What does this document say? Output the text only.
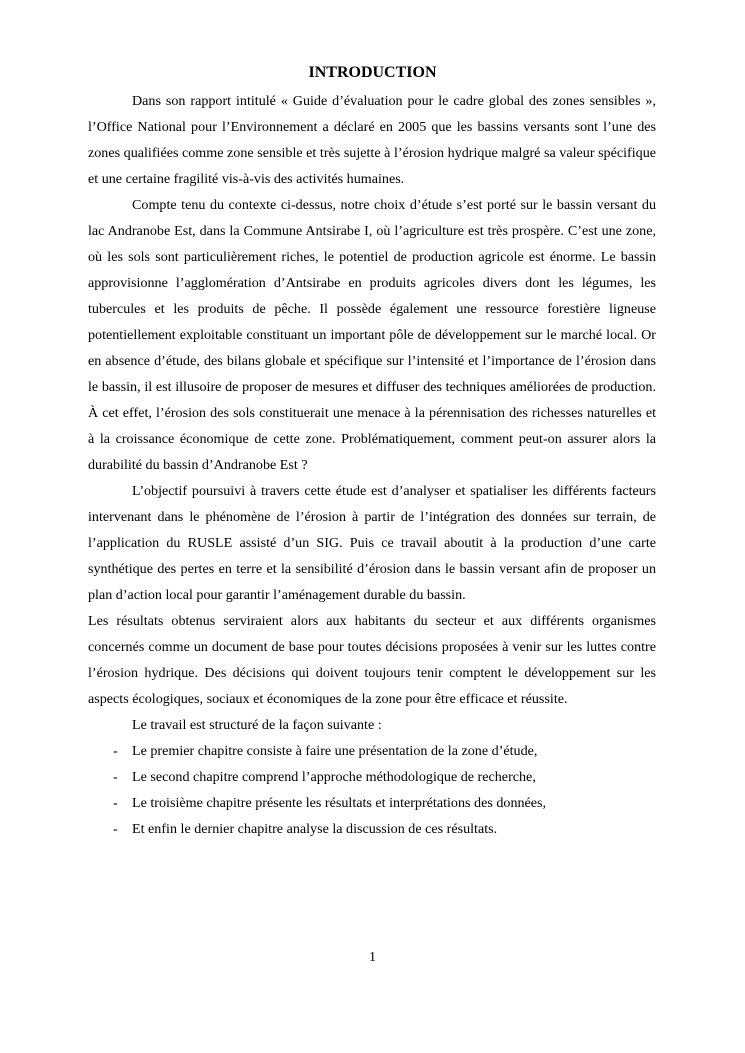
INTRODUCTION

Dans son rapport intitulé « Guide d’évaluation pour le cadre global des zones sensibles », l’Office National pour l’Environnement a déclaré en 2005 que les bassins versants sont l’une des zones qualifiées comme zone sensible et très sujette à l’érosion hydrique malgré sa valeur spécifique et une certaine fragilité vis-à-vis des activités humaines.

Compte tenu du contexte ci-dessus, notre choix d’étude s’est porté sur le bassin versant du lac Andranobe Est, dans la Commune Antsirabe I, où l’agriculture est très prospère. C’est une zone, où les sols sont particulièrement riches, le potentiel de production agricole est énorme. Le bassin approvisionne l’agglomération d’Antsirabe en produits agricoles divers dont les légumes, les tubercules et les produits de pêche. Il possède également une ressource forestière ligneuse potentiellement exploitable constituant un important pôle de développement sur le marché local. Or en absence d’étude, des bilans globale et spécifique sur l’intensité et l’importance de l’érosion dans le bassin, il est illusoire de proposer de mesures et diffuser des techniques améliorées de production. À cet effet, l’érosion des sols constituerait une menace à la pérennisation des richesses naturelles et à la croissance économique de cette zone. Problématiquement, comment peut-on assurer alors la durabilité du bassin d’Andranobe Est ?

L’objectif poursuivi à travers cette étude est d’analyser et spatialiser les différents facteurs intervenant dans le phénomène de l’érosion à partir de l’intégration des données sur terrain, de l’application du RUSLE assisté d’un SIG. Puis ce travail aboutit à la production d’une carte synthétique des pertes en terre et la sensibilité d’érosion dans le bassin versant afin de proposer un plan d’action local pour garantir l’aménagement durable du bassin.

Les résultats obtenus serviraient alors aux habitants du secteur et aux différents organismes concernés comme un document de base pour toutes décisions proposées à venir sur les luttes contre l’érosion hydrique. Des décisions qui doivent toujours tenir comptent le développement sur les aspects écologiques, sociaux et économiques de la zone pour être efficace et réussite.

Le travail est structuré de la façon suivante :

- Le premier chapitre consiste à faire une présentation de la zone d’étude,
- Le second chapitre comprend l’approche méthodologique de recherche,
- Le troisième chapitre présente les résultats et interprétations des données,
- Et enfin le dernier chapitre analyse la discussion de ces résultats.
1
